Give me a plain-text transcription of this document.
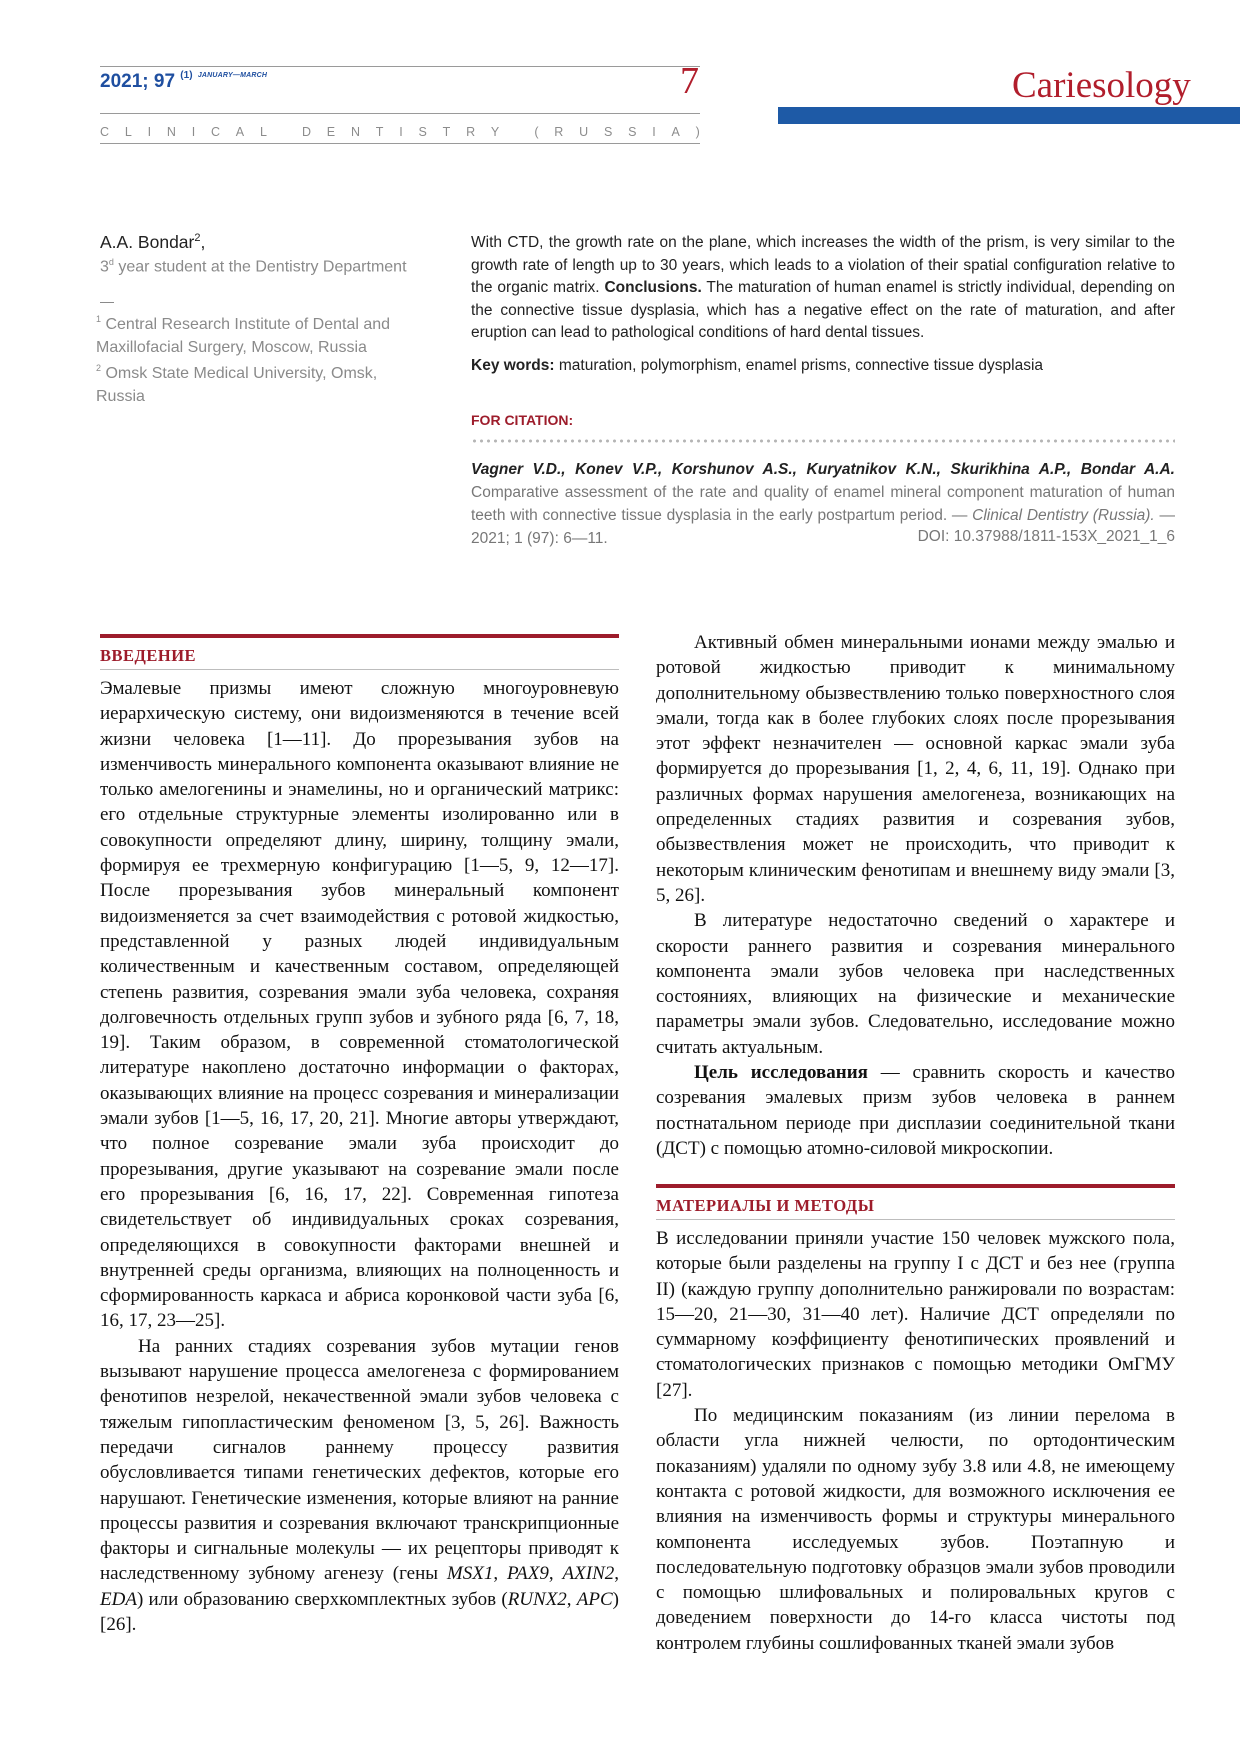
2021; 97 $^{(1)}$ $^{JANUARY—MARCH}$	7
C L I N I C A L
	D E N T I S T R Y
	( R U S S I A )
Cariesology
A.A. Bondar$^2$,
3$^d$ year student at the Dentistry Department
$^1$ Central Research Institute of Dental and Maxillofacial Surgery, Moscow, Russia
$^2$ Omsk State Medical University, Omsk, Russia
With CTD, the growth rate on the plane, which increases the width of the prism, is very similar to the growth rate of length up to 30 years, which leads to a violation of their spatial configuration relative to the organic matrix. Conclusions. The maturation of human enamel is strictly individual, depending on the connective tissue dysplasia, which has a negative effect on the rate of maturation, and after eruption can lead to pathological conditions of hard dental tissues.
Key words: maturation, polymorphism, enamel prisms, connective tissue dysplasia
FOR CITATION:
Vagner V.D., Konev V.P., Korshunov A.S., Kuryatnikov K.N., Skurikhina A.P., Bondar A.A. Comparative assessment of the rate and quality of enamel mineral component maturation of human teeth with connective tissue dysplasia in the early postpartum period. — Clinical Dentistry (Russia). — 2021; 1 (97): 6—11.	DOI: 10.37988/1811-153X_2021_1_6
ВВЕДЕНИЕ

Эмалевые призмы имеют сложную многоуровневую иерархическую систему, они видоизменяются в течение всей жизни человека [1—11]. До прорезывания зубов на изменчивость минерального компонента оказывают влияние не только амелогенины и энамелины, но и органический матрикс: его отдельные структурные элементы изолированно или в совокупности определяют длину, ширину, толщину эмали, формируя ее трехмерную конфигурацию [1—5, 9, 12—17]. После прорезывания зубов минеральный компонент видоизменяется за счет взаимодействия с ротовой жидкостью, представленной у разных людей индивидуальным количественным и качественным составом, определяющей степень развития, созревания эмали зуба человека, сохраняя долговечность отдельных групп зубов и зубного ряда [6, 7, 18, 19]. Таким образом, в современной стоматологической литературе накоплено достаточно информации о факторах, оказывающих влияние на процесс созревания и минерализации эмали зубов [1—5, 16, 17, 20, 21]. Многие авторы утверждают, что полное созревание эмали зуба происходит до прорезывания, другие указывают на созревание эмали после его прорезывания [6, 16, 17, 22]. Современная гипотеза свидетельствует об индивидуальных сроках созревания, определяющихся в совокупности факторами внешней и внутренней среды организма, влияющих на полноценность и сформированность каркаса и абриса коронковой части зуба [6, 16, 17, 23—25].

На ранних стадиях созревания зубов мутации генов вызывают нарушение процесса амелогенеза с формированием фенотипов незрелой, некачественной эмали зубов человека с тяжелым гипопластическим феноменом [3, 5, 26]. Важность передачи сигналов раннему процессу развития обусловливается типами генетических дефектов, которые его нарушают. Генетические изменения, которые влияют на ранние процессы развития и созревания включают транскрипционные факторы и сигнальные молекулы — их рецепторы приводят к наследственному зубному агенезу (гены MSX1, PAX9, AXIN2, EDA) или образованию сверхкомплектных зубов (RUNX2, APC) [26].

Активный обмен минеральными ионами между эмалью и ротовой жидкостью приводит к минимальному дополнительному обызвествлению только поверхностного слоя эмали, тогда как в более глубоких слоях после прорезывания этот эффект незначителен — основной каркас эмали зуба формируется до прорезывания [1, 2, 4, 6, 11, 19]. Однако при различных формах нарушения амелогенеза, возникающих на определенных стадиях развития и созревания зубов, обызвествления может не происходить, что приводит к некоторым клиническим фенотипам и внешнему виду эмали [3, 5, 26].

В литературе недостаточно сведений о характере и скорости раннего развития и созревания минерального компонента эмали зубов человека при наследственных состояниях, влияющих на физические и механические параметры эмали зубов. Следовательно, исследование можно считать актуальным.

Цель исследования — сравнить скорость и качество созревания эмалевых призм зубов человека в раннем постнатальном периоде при дисплазии соединительной ткани (ДСТ) с помощью атомно-силовой микроскопии.

МАТЕРИАЛЫ И МЕТОДЫ

В исследовании приняли участие 150 человек мужского пола, которые были разделены на группу I с ДСТ и без нее (группа II) (каждую группу дополнительно ранжировали по возрастам: 15—20, 21—30, 31—40 лет). Наличие ДСТ определяли по суммарному коэффициенту фенотипических проявлений и стоматологических признаков с помощью методики ОмГМУ [27].

По медицинским показаниям (из линии перелома в области угла нижней челюсти, по ортодонтическим показаниям) удаляли по одному зубу 3.8 или 4.8, не имеющему контакта с ротовой жидкости, для возможного исключения ее влияния на изменчивость формы и структуры минерального компонента исследуемых зубов. Поэтапную и последовательную подготовку образцов эмали зубов проводили с помощью шлифовальных и полировальных кругов с доведением поверхности до 14-го класса чистоты под контролем глубины сошлифованных тканей эмали зубов
